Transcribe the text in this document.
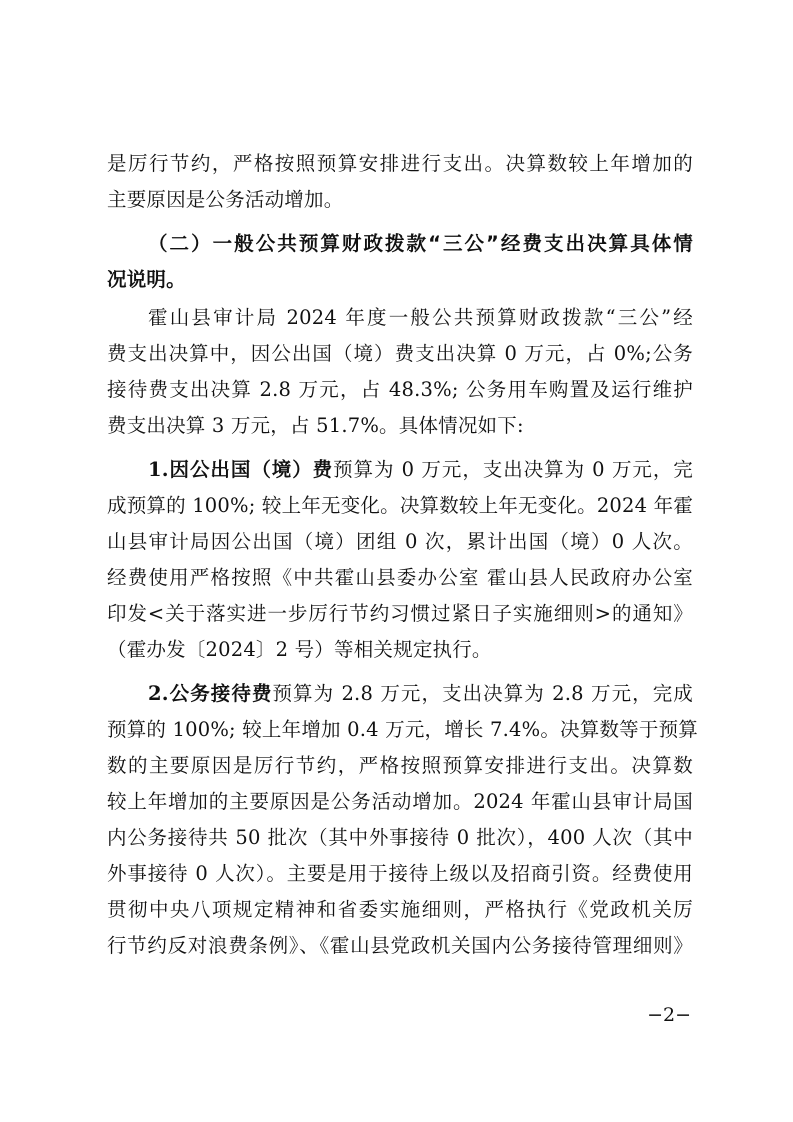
是厉行节约，严格按照预算安排进行支出。决算数较上年增加的
主要原因是公务活动增加。
（二）一般公共预算财政拨款“三公”经费支出决算具体情
况说明。
霍山县审计局 2024 年度一般公共预算财政拨款“三公”经
费支出决算中，因公出国（境）费支出决算 0 万元，占 0%;公务
接待费支出决算 2.8 万元，占 48.3%; 公务用车购置及运行维护
费支出决算 3 万元，占 51.7%。具体情况如下:
1.因公出国（境）费预算为 0 万元，支出决算为 0 万元，完
成预算的 100%; 较上年无变化。决算数较上年无变化。2024 年霍
山县审计局因公出国（境）团组 0 次，累计出国（境）0 人次。
经费使用严格按照《中共霍山县委办公室 霍山县人民政府办公室
印发<关于落实进一步厉行节约习惯过紧日子实施细则>的通知》
（霍办发〔2024〕2 号）等相关规定执行。
2.公务接待费预算为 2.8 万元，支出决算为 2.8 万元，完成
预算的 100%; 较上年增加 0.4 万元，增长 7.4%。决算数等于预算
数的主要原因是厉行节约，严格按照预算安排进行支出。决算数
较上年增加的主要原因是公务活动增加。2024 年霍山县审计局国
内公务接待共 50 批次（其中外事接待 0 批次），400 人次（其中
外事接待 0 人次）。主要是用于接待上级以及招商引资。经费使用
贯彻中央八项规定精神和省委实施细则，严格执行《党政机关厉
行节约反对浪费条例》、《霍山县党政机关国内公务接待管理细则》
−2−
